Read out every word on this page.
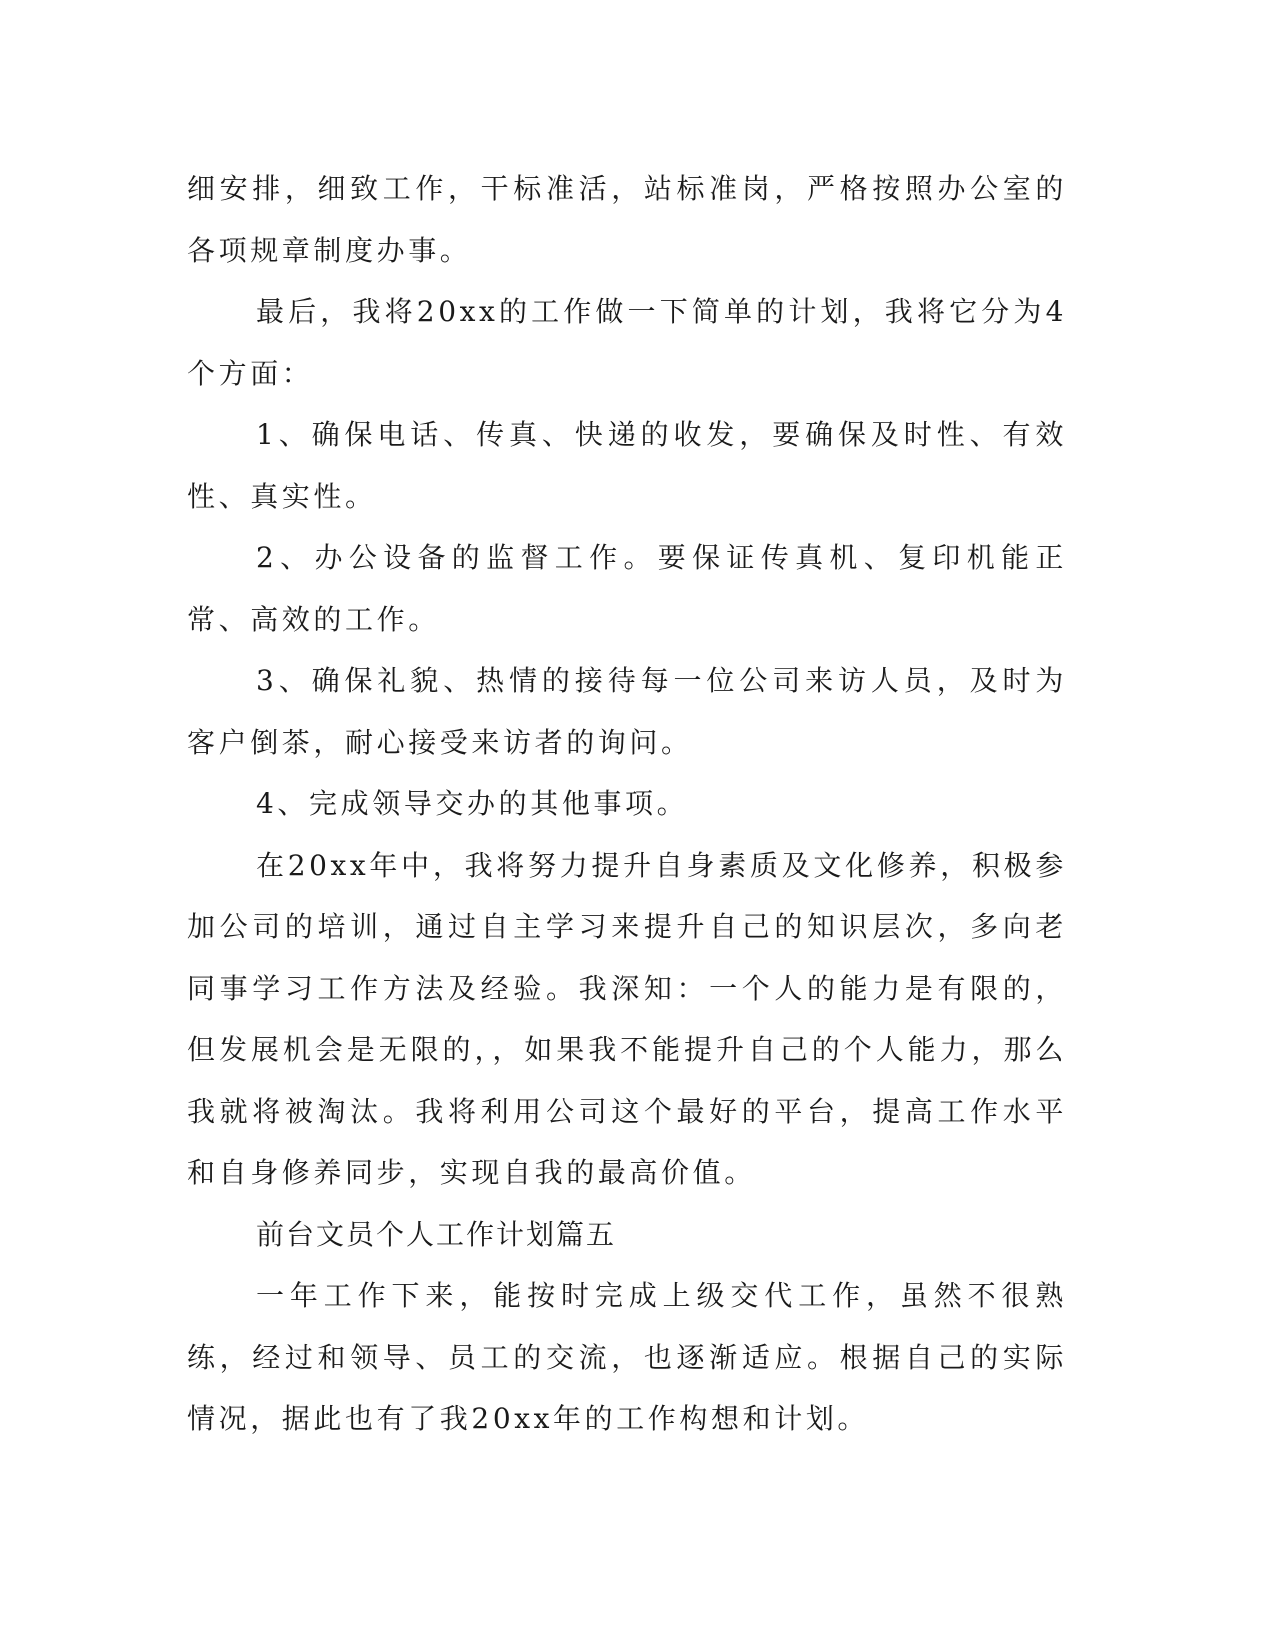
细安排，细致工作，干标准活，站标准岗，严格按照办公室的各项规章制度办事。

最后，我将20xx的工作做一下简单的计划，我将它分为4个方面：

1、确保电话、传真、快递的收发，要确保及时性、有效性、真实性。

2、办公设备的监督工作。要保证传真机、复印机能正常、高效的工作。

3、确保礼貌、热情的接待每一位公司来访人员，及时为客户倒茶，耐心接受来访者的询问。

4、完成领导交办的其他事项。

在20xx年中，我将努力提升自身素质及文化修养，积极参加公司的培训，通过自主学习来提升自己的知识层次，多向老同事学习工作方法及经验。我深知：一个人的能力是有限的，但发展机会是无限的，，如果我不能提升自己的个人能力，那么我就将被淘汰。我将利用公司这个最好的平台，提高工作水平和自身修养同步，实现自我的最高价值。

前台文员个人工作计划篇五

一年工作下来，能按时完成上级交代工作，虽然不很熟练，经过和领导、员工的交流，也逐渐适应。根据自己的实际情况，据此也有了我20xx年的工作构想和计划。
